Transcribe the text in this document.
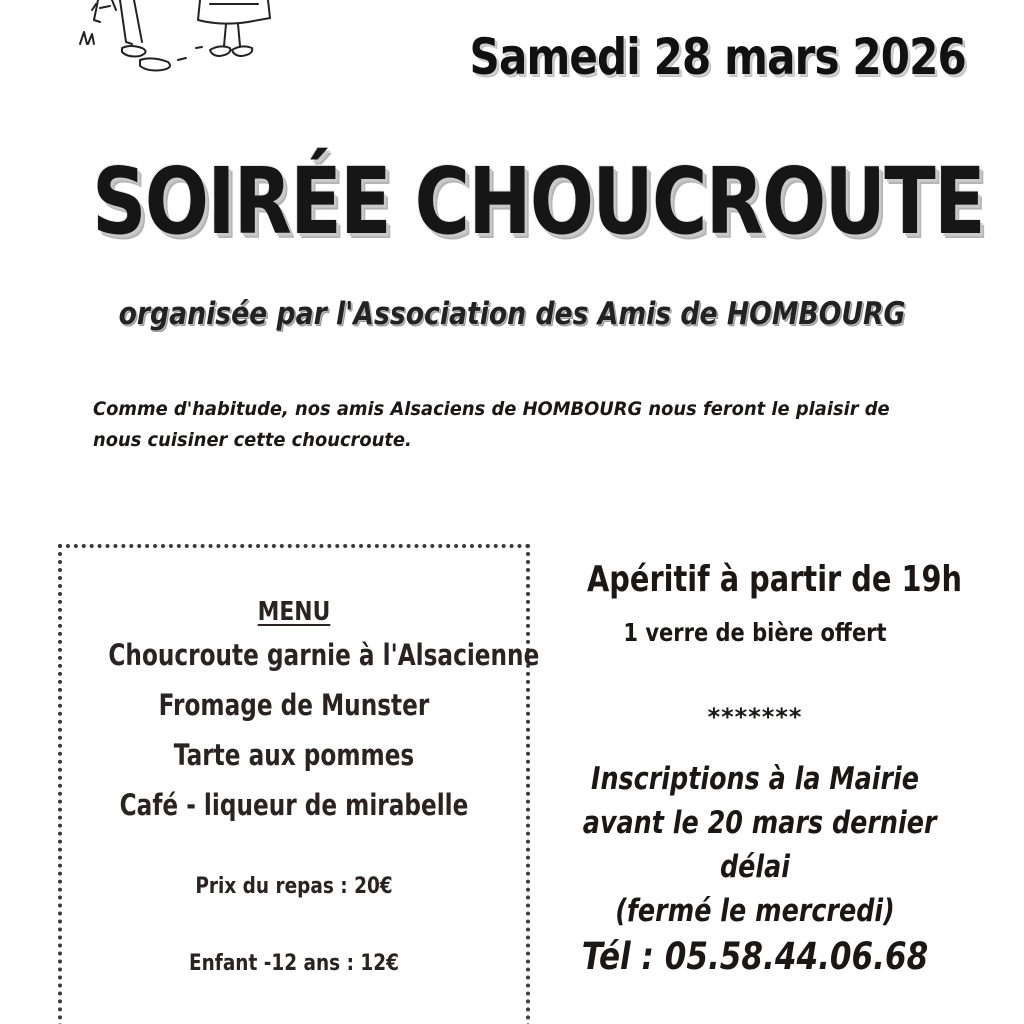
Samedi 28 mars 2026
SOIRÉE CHOUCROUTE
organisée par l'Association des Amis de HOMBOURG
Comme d'habitude, nos amis Alsaciens de HOMBOURG nous feront le plaisir de nous cuisiner cette choucroute.
MENU
Choucroute garnie à l'Alsacienne
Fromage de Munster
Tarte aux pommes
Café - liqueur de mirabelle
Prix du repas : 20€
Enfant -12 ans : 12€
Apéritif à partir de 19h
1 verre de bière offert
*******
Inscriptions à la Mairie
avant le 20 mars dernier
délai
(fermé le mercredi)
Tél : 05.58.44.06.68
